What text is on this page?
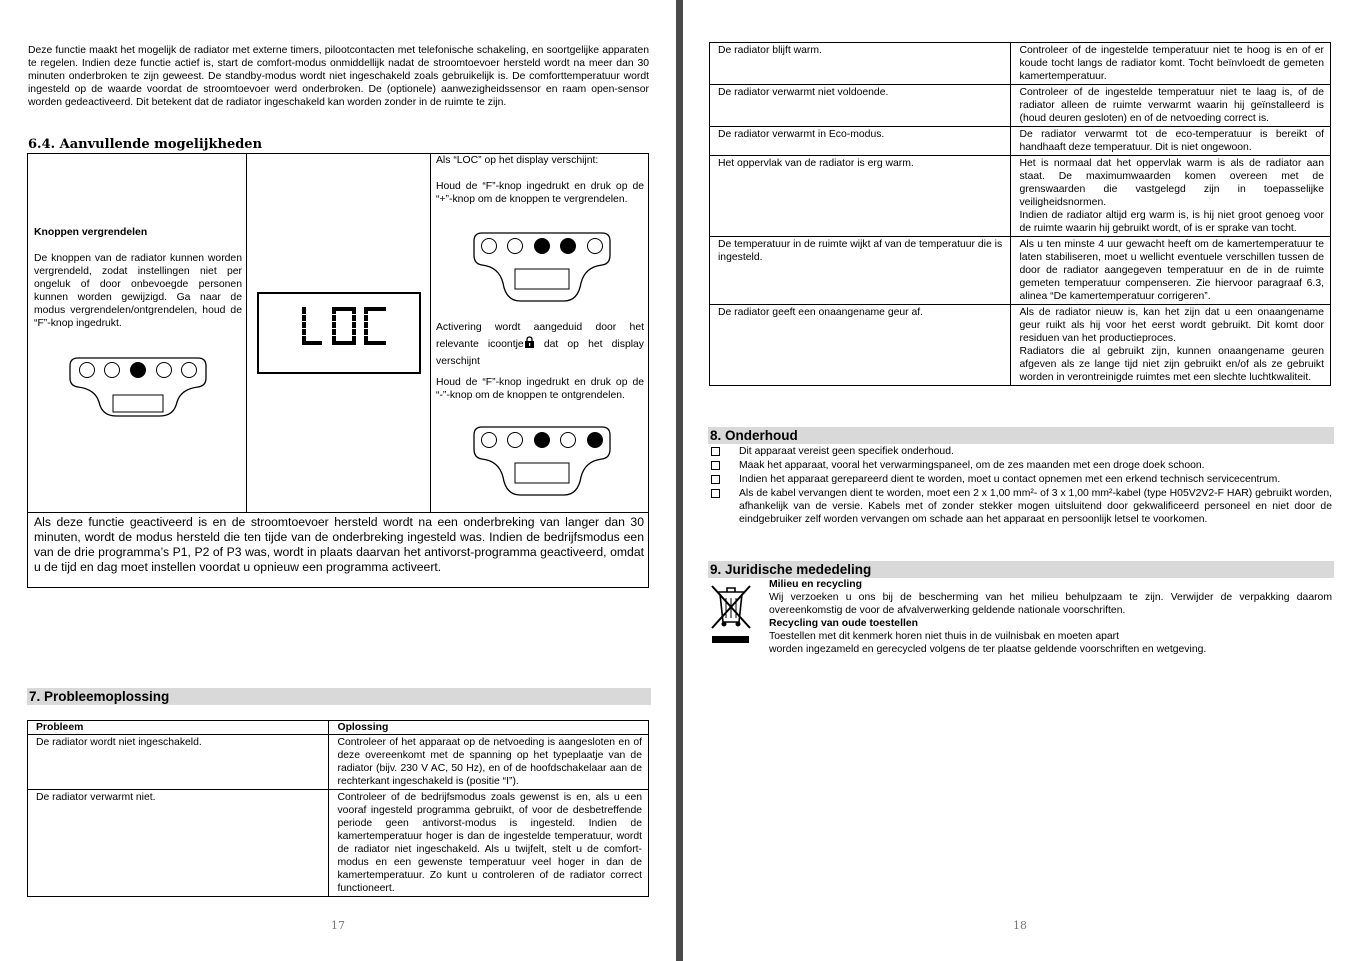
Deze functie maakt het mogelijk de radiator met externe timers, pilootcontacten met telefonische schakeling, en soortgelijke apparaten te regelen. Indien deze functie actief is, start de comfort-modus onmiddellijk nadat de stroomtoevoer hersteld wordt na meer dan 30 minuten onderbroken te zijn geweest. De standby-modus wordt niet ingeschakeld zoals gebruikelijk is. De comforttemperatuur wordt ingesteld op de waarde voordat de stroomtoevoer werd onderbroken. De (optionele) aanwezigheidssensor en raam open-sensor worden gedeactiveerd. Dit betekent dat de radiator ingeschakeld kan worden zonder in de ruimte te zijn.
6.4. Aanvullende mogelijkheden
Knoppen vergrendelen
De knoppen van de radiator kunnen worden vergrendeld, zodat instellingen niet per ongeluk of door onbevoegde personen kunnen worden gewijzigd. Ga naar de modus vergrendelen/ontgrendelen, houd de “F”-knop ingedrukt.
Als “LOC” op het display verschijnt:
Houd de “F”-knop ingedrukt en druk op de “+”-knop om de knoppen te vergrendelen.
Activering wordt aangeduid door het relevante icoontje dat op het display verschijnt
Houd de “F”-knop ingedrukt en druk op de “-”-knop om de knoppen te ontgrendelen.
Als deze functie geactiveerd is en de stroomtoevoer hersteld wordt na een onderbreking van langer dan 30 minuten, wordt de modus hersteld die ten tijde van de onderbreking ingesteld was. Indien de bedrijfsmodus een van de drie programma’s P1, P2 of P3 was, wordt in plaats daarvan het antivorst-programma geactiveerd, omdat u de tijd en dag moet instellen voordat u opnieuw een programma activeert.
7. Probleemoplossing
Probleem	Oplossing
De radiator wordt niet ingeschakeld.	Controleer of het apparaat op de netvoeding is aangesloten en of deze overeenkomt met de spanning op het typeplaatje van de radiator (bijv. 230 V AC, 50 Hz), en of de hoofdschakelaar aan de rechterkant ingeschakeld is (positie “I”).
De radiator verwarmt niet.	Controleer of de bedrijfsmodus zoals gewenst is en, als u een vooraf ingesteld programma gebruikt, of voor de desbetreffende periode geen antivorst-modus is ingesteld. Indien de kamertemperatuur hoger is dan de ingestelde temperatuur, wordt de radiator niet ingeschakeld. Als u twijfelt, stelt u de comfort-modus en een gewenste temperatuur veel hoger in dan de kamertemperatuur. Zo kunt u controleren of de radiator correct functioneert.
17
De radiator blijft warm.	Controleer of de ingestelde temperatuur niet te hoog is en of er koude tocht langs de radiator komt. Tocht beïnvloedt de gemeten kamertemperatuur.
De radiator verwarmt niet voldoende.	Controleer of de ingestelde temperatuur niet te laag is, of de radiator alleen de ruimte verwarmt waarin hij geïnstalleerd is (houd deuren gesloten) en of de netvoeding correct is.
De radiator verwarmt in Eco-modus.	De radiator verwarmt tot de eco-temperatuur is bereikt of handhaaft deze temperatuur. Dit is niet ongewoon.
Het oppervlak van de radiator is erg warm.	Het is normaal dat het oppervlak warm is als de radiator aan staat. De maximumwaarden komen overeen met de grenswaarden die vastgelegd zijn in toepasselijke veiligheidsnormen.
Indien de radiator altijd erg warm is, is hij niet groot genoeg voor de ruimte waarin hij gebruikt wordt, of is er sprake van tocht.
De temperatuur in de ruimte wijkt af van de temperatuur die is ingesteld.	Als u ten minste 4 uur gewacht heeft om de kamertemperatuur te laten stabiliseren, moet u wellicht eventuele verschillen tussen de door de radiator aangegeven temperatuur en de in de ruimte gemeten temperatuur compenseren. Zie hiervoor paragraaf 6.3, alinea “De kamertemperatuur corrigeren”.
De radiator geeft een onaangename geur af.	Als de radiator nieuw is, kan het zijn dat u een onaangename geur ruikt als hij voor het eerst wordt gebruikt. Dit komt door residuen van het productieproces.
Radiators die al gebruikt zijn, kunnen onaangename geuren afgeven als ze lange tijd niet zijn gebruikt en/of als ze gebruikt worden in verontreinigde ruimtes met een slechte luchtkwaliteit.
8. Onderhoud
Dit apparaat vereist geen specifiek onderhoud.
Maak het apparaat, vooral het verwarmingspaneel, om de zes maanden met een droge doek schoon.
Indien het apparaat gerepareerd dient te worden, moet u contact opnemen met een erkend technisch servicecentrum.
Als de kabel vervangen dient te worden, moet een 2 x 1,00 mm²- of 3 x 1,00 mm²-kabel (type H05V2V2-F HAR) gebruikt worden, afhankelijk van de versie. Kabels met of zonder stekker mogen uitsluitend door gekwalificeerd personeel en niet door de eindgebruiker zelf worden vervangen om schade aan het apparaat en persoonlijk letsel te voorkomen.
9. Juridische mededeling
Milieu en recycling
Wij verzoeken u ons bij de bescherming van het milieu behulpzaam te zijn. Verwijder de verpakking daarom overeenkomstig de voor de afvalverwerking geldende nationale voorschriften.
Recycling van oude toestellen
Toestellen met dit kenmerk horen niet thuis in de vuilnisbak en moeten apart
worden ingezameld en gerecycled volgens de ter plaatse geldende voorschriften en wetgeving.
18
